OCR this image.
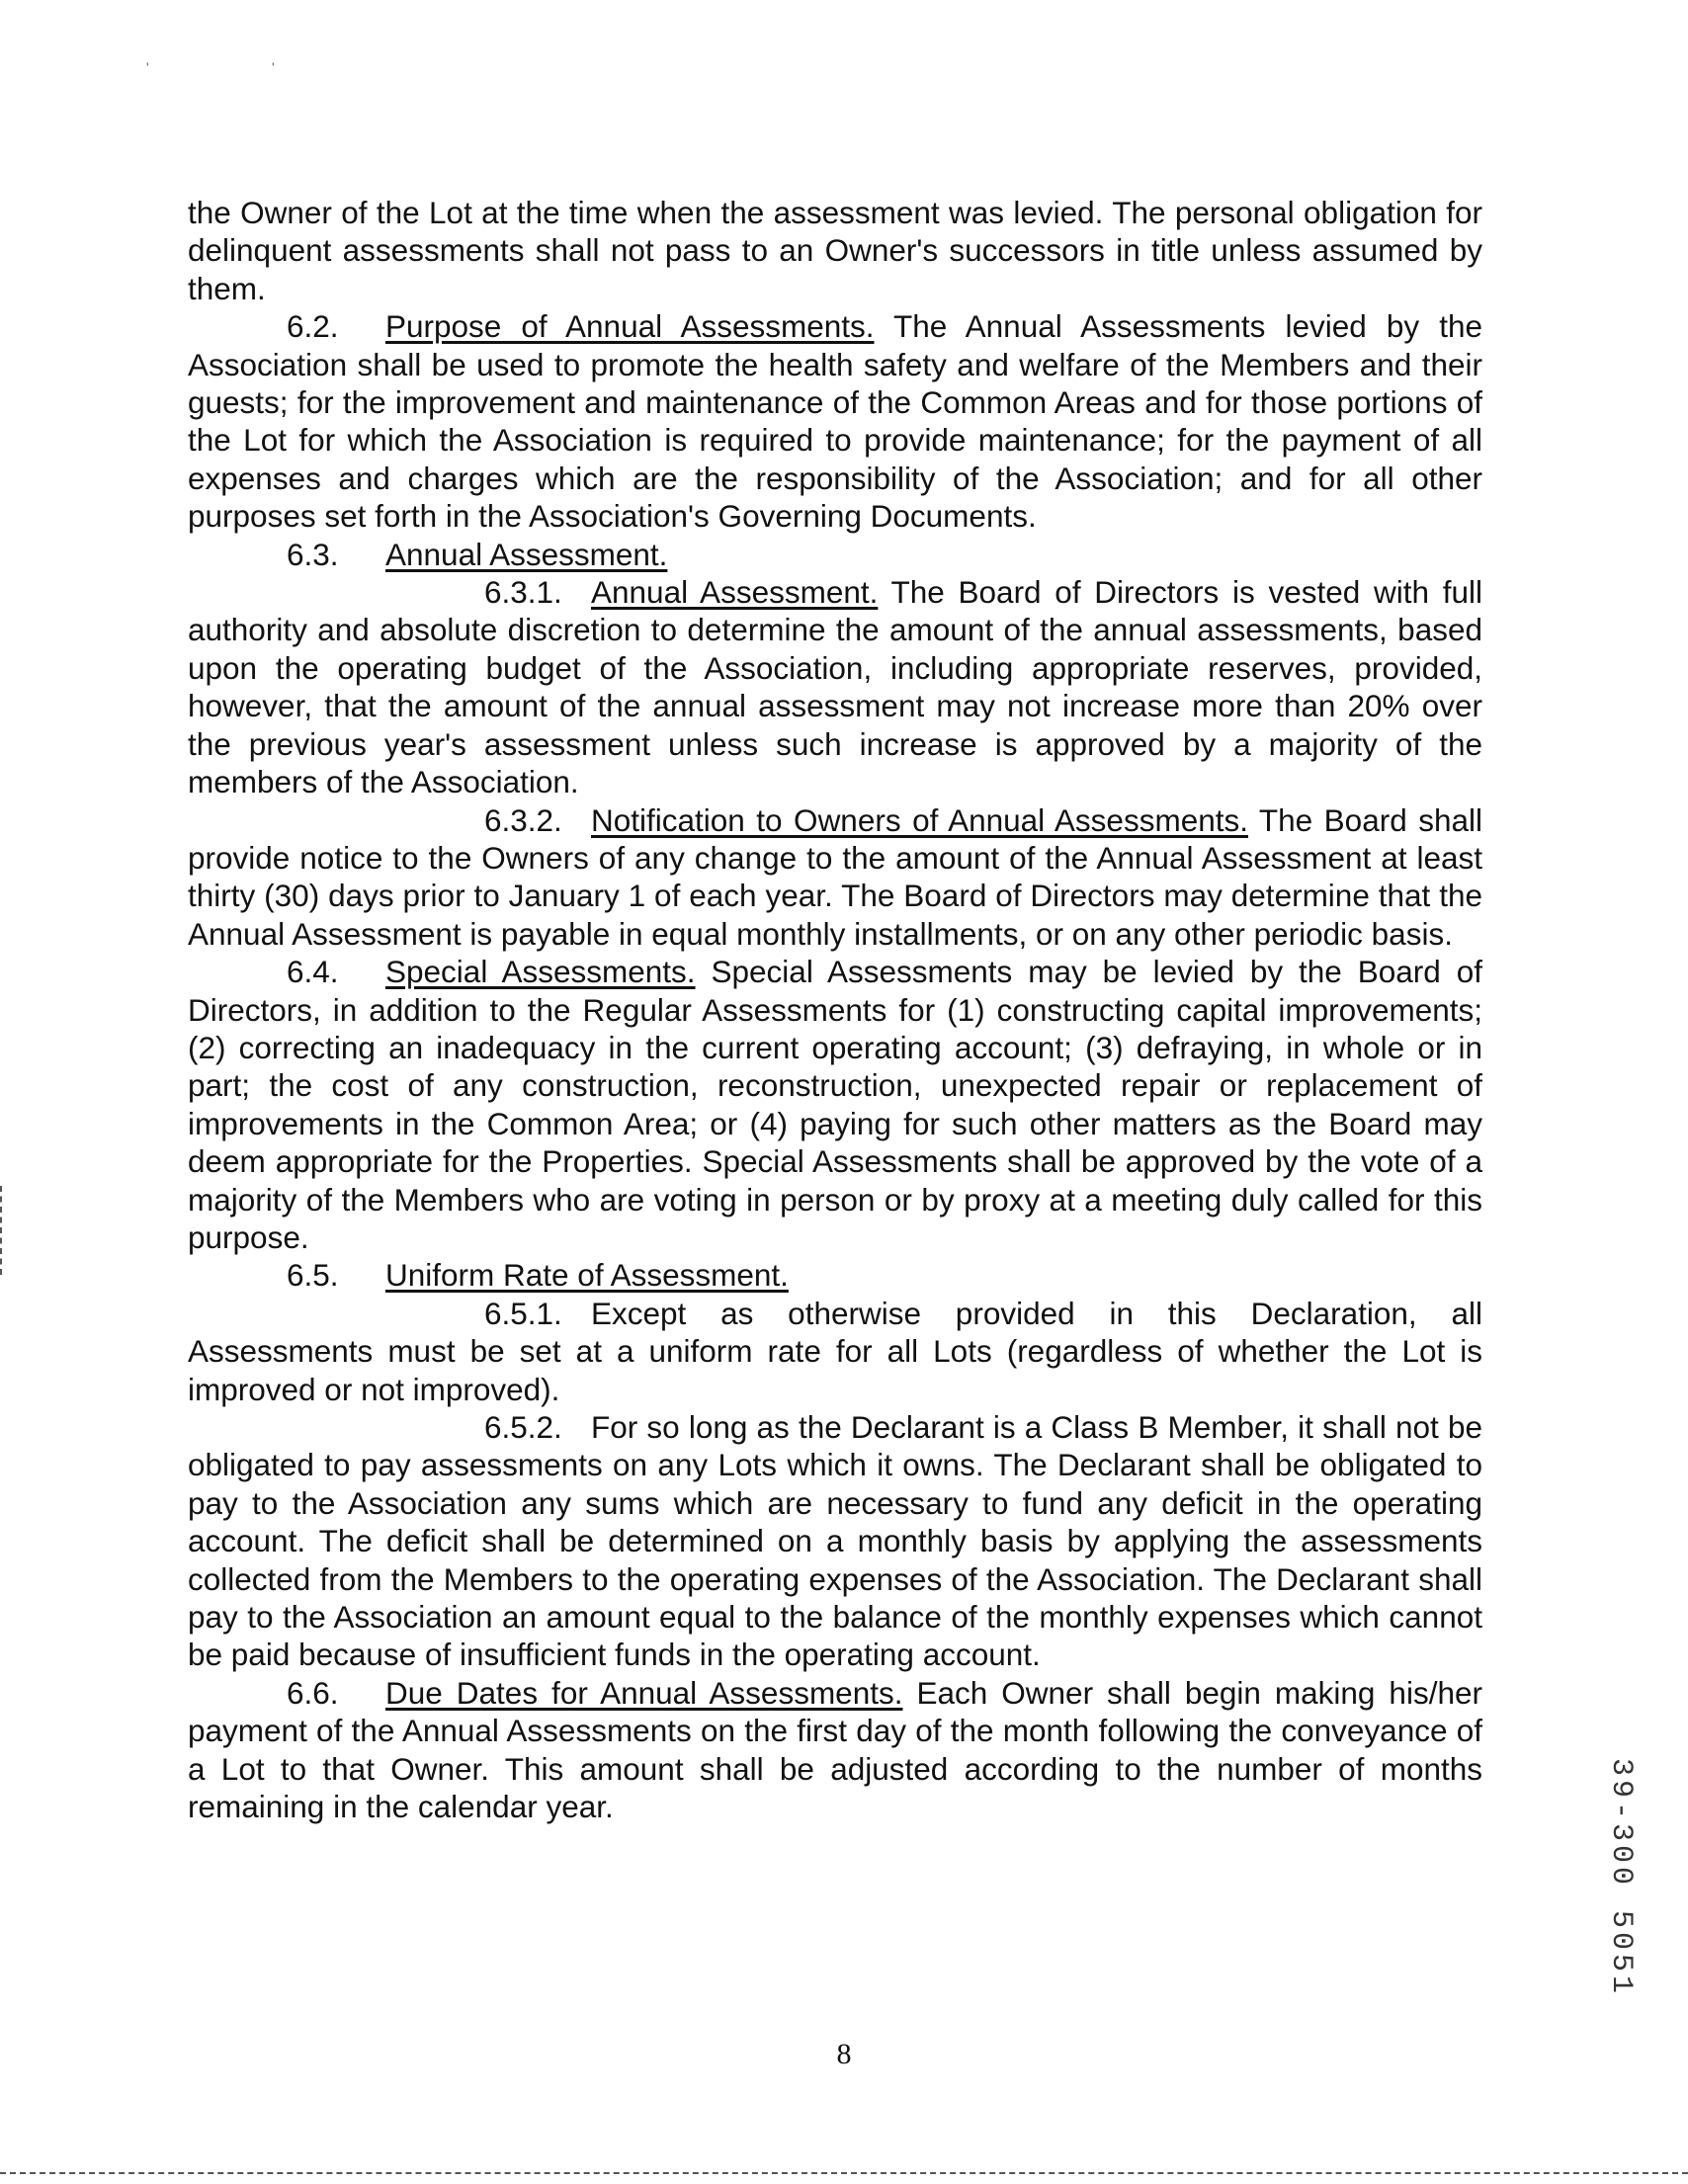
'	'

the Owner of the Lot at the time when the assessment was levied. The personal obligation for delinquent assessments shall not pass to an Owner's successors in title unless assumed by them.

6.2. Purpose of Annual Assessments. The Annual Assessments levied by the Association shall be used to promote the health safety and welfare of the Members and their guests; for the improvement and maintenance of the Common Areas and for those portions of the Lot for which the Association is required to provide maintenance; for the payment of all expenses and charges which are the responsibility of the Association; and for all other purposes set forth in the Association's Governing Documents.

6.3. Annual Assessment.

6.3.1. Annual Assessment. The Board of Directors is vested with full authority and absolute discretion to determine the amount of the annual assessments, based upon the operating budget of the Association, including appropriate reserves, provided, however, that the amount of the annual assessment may not increase more than 20% over the previous year's assessment unless such increase is approved by a majority of the members of the Association.

6.3.2. Notification to Owners of Annual Assessments. The Board shall provide notice to the Owners of any change to the amount of the Annual Assessment at least thirty (30) days prior to January 1 of each year. The Board of Directors may determine that the Annual Assessment is payable in equal monthly installments, or on any other periodic basis.

6.4. Special Assessments. Special Assessments may be levied by the Board of Directors, in addition to the Regular Assessments for (1) constructing capital improvements; (2) correcting an inadequacy in the current operating account; (3) defraying, in whole or in part; the cost of any construction, reconstruction, unexpected repair or replacement of improvements in the Common Area; or (4) paying for such other matters as the Board may deem appropriate for the Properties. Special Assessments shall be approved by the vote of a majority of the Members who are voting in person or by proxy at a meeting duly called for this purpose.

6.5. Uniform Rate of Assessment.

6.5.1. Except as otherwise provided in this Declaration, all Assessments must be set at a uniform rate for all Lots (regardless of whether the Lot is improved or not improved).

6.5.2. For so long as the Declarant is a Class B Member, it shall not be obligated to pay assessments on any Lots which it owns. The Declarant shall be obligated to pay to the Association any sums which are necessary to fund any deficit in the operating account. The deficit shall be determined on a monthly basis by applying the assessments collected from the Members to the operating expenses of the Association. The Declarant shall pay to the Association an amount equal to the balance of the monthly expenses which cannot be paid because of insufficient funds in the operating account.

6.6. Due Dates for Annual Assessments. Each Owner shall begin making his/her payment of the Annual Assessments on the first day of the month following the conveyance of a Lot to that Owner. This amount shall be adjusted according to the number of months remaining in the calendar year.	39-300 5051
8
